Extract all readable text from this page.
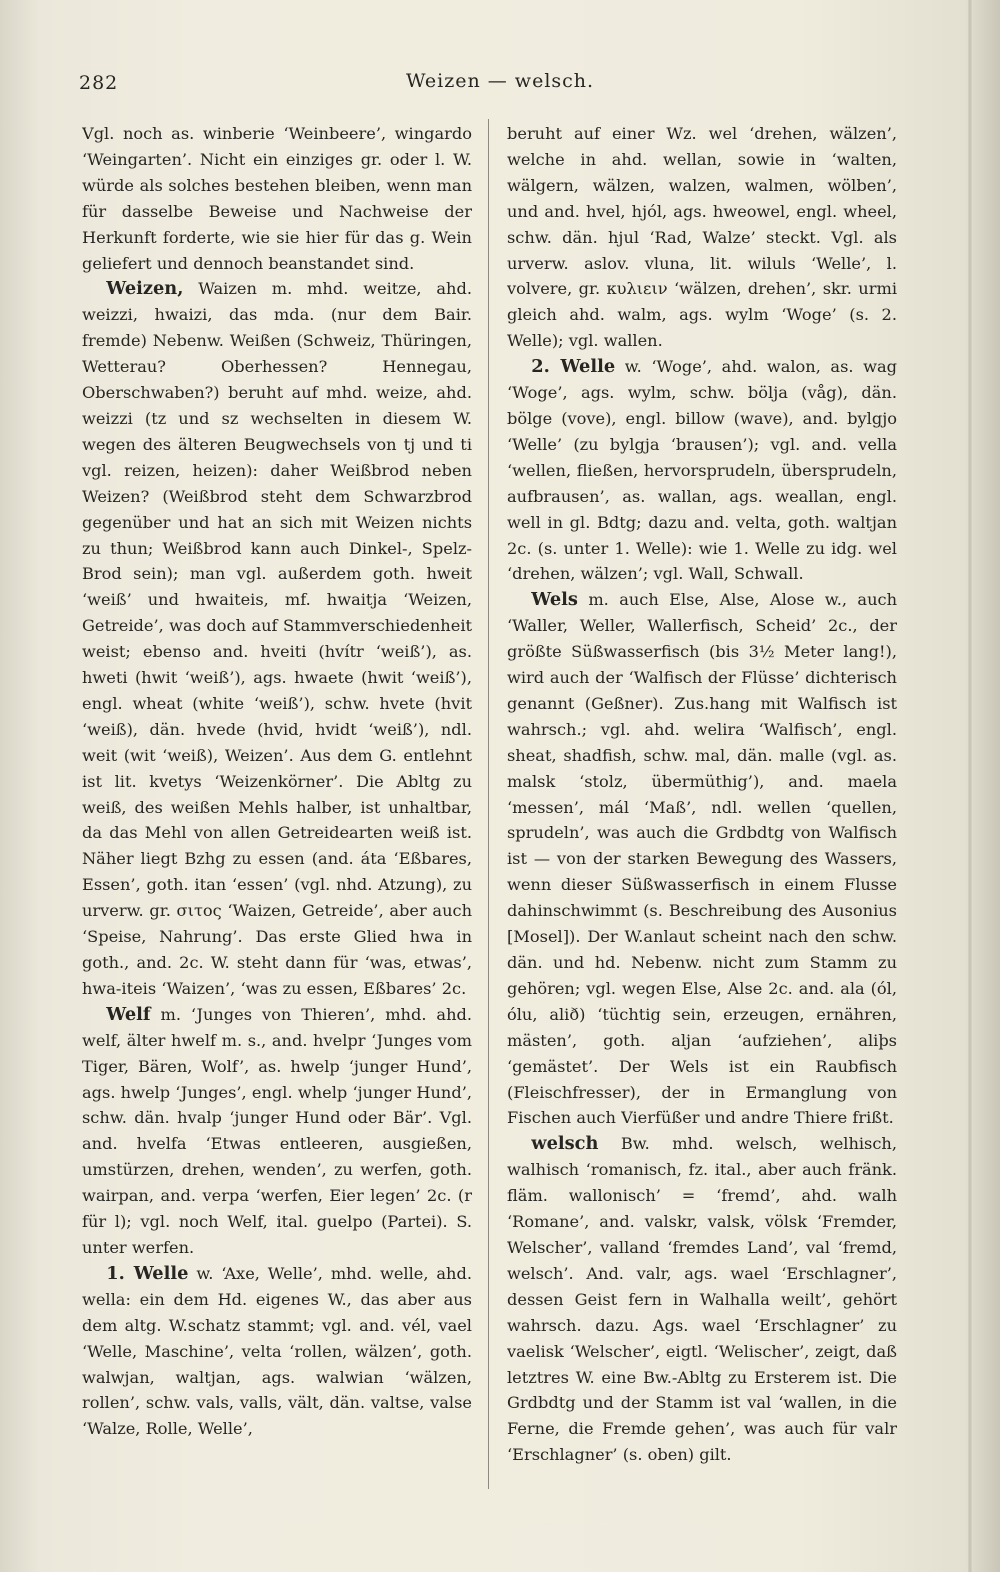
282	Weizen — welsch.

Vgl. noch as. winberie ‘Weinbeere’, wingardo ‘Weingarten’. Nicht ein einziges gr. oder l. W. würde als solches bestehen bleiben, wenn man für dasselbe Beweise und Nachweise der Herkunft forderte, wie sie hier für das g. Wein geliefert und dennoch beanstandet sind.

Weizen, Waizen m. mhd. weitze, ahd. weizzi, hwaizi, das mda. (nur dem Bair. fremde) Nebenw. Weißen (Schweiz, Thüringen, Wetterau? Oberhessen? Hennegau, Oberschwaben?) beruht auf mhd. weize, ahd. weizzi (tz und sz wechselten in diesem W. wegen des älteren Beugwechsels von tj und ti vgl. reizen, heizen): daher Weißbrod neben Weizen? (Weißbrod steht dem Schwarzbrod gegenüber und hat an sich mit Weizen nichts zu thun; Weißbrod kann auch Dinkel-, Spelz-Brod sein); man vgl. außerdem goth. hweit ‘weiß’ und hwaiteis, mf. hwaitja ‘Weizen, Getreide’, was doch auf Stammverschiedenheit weist; ebenso and. hveiti (hvítr ‘weiß’), as. hweti (hwit ‘weiß’), ags. hwaete (hwit ‘weiß’), engl. wheat (white ‘weiß’), schw. hvete (hvit ‘weiß), dän. hvede (hvid, hvidt ‘weiß’), ndl. weit (wit ‘weiß), Weizen’. Aus dem G. entlehnt ist lit. kvetys ‘Weizenkörner’. Die Abltg zu weiß, des weißen Mehls halber, ist unhaltbar, da das Mehl von allen Getreidearten weiß ist. Näher liegt Bzhg zu essen (and. áta ‘Eßbares, Essen’, goth. itan ‘essen’ (vgl. nhd. Atzung), zu urverw. gr. σιτος ‘Waizen, Getreide’, aber auch ‘Speise, Nahrung’. Das erste Glied hwa in goth., and. 2c. W. steht dann für ‘was, etwas’, hwa-iteis ‘Waizen’, ‘was zu essen, Eßbares’ 2c.

Welf m. ‘Junges von Thieren’, mhd. ahd. welf, älter hwelf m. s., and. hvelpr ‘Junges vom Tiger, Bären, Wolf’, as. hwelp ‘junger Hund’, ags. hwelp ‘Junges’, engl. whelp ‘junger Hund’, schw. dän. hvalp ‘junger Hund oder Bär’. Vgl. and. hvelfa ‘Etwas entleeren, ausgießen, umstürzen, drehen, wenden’, zu werfen, goth. wairpan, and. verpa ‘werfen, Eier legen’ 2c. (r für l); vgl. noch Welf, ital. guelpo (Partei). S. unter werfen.

1. Welle w. ‘Axe, Welle’, mhd. welle, ahd. wella: ein dem Hd. eigenes W., das aber aus dem altg. W.schatz stammt; vgl. and. vél, vael ‘Welle, Maschine’, velta ‘rollen, wälzen’, goth. walwjan, waltjan, ags. walwian ‘wälzen, rollen’, schw. vals, valls, vält, dän. valtse, valse ‘Walze, Rolle, Welle’,

beruht auf einer Wz. wel ‘drehen, wälzen’, welche in ahd. wellan, sowie in ‘walten, wälgern, wälzen, walzen, walmen, wölben’, und and. hvel, hjól, ags. hweowel, engl. wheel, schw. dän. hjul ‘Rad, Walze’ steckt. Vgl. als urverw. aslov. vluna, lit. wiluls ‘Welle’, l. volvere, gr. κυλιειν ‘wälzen, drehen’, skr. urmi gleich ahd. walm, ags. wylm ‘Woge’ (s. 2. Welle); vgl. wallen.

2. Welle w. ‘Woge’, ahd. walon, as. wag ‘Woge’, ags. wylm, schw. bölja (våg), dän. bölge (vove), engl. billow (wave), and. bylgjo ‘Welle’ (zu bylgja ‘brausen’); vgl. and. vella ‘wellen, fließen, hervorsprudeln, übersprudeln, aufbrausen’, as. wallan, ags. weallan, engl. well in gl. Bdtg; dazu and. velta, goth. waltjan 2c. (s. unter 1. Welle): wie 1. Welle zu idg. wel ‘drehen, wälzen’; vgl. Wall, Schwall.

Wels m. auch Else, Alse, Alose w., auch ‘Waller, Weller, Wallerfisch, Scheid’ 2c., der größte Süßwasserfisch (bis 3½ Meter lang!), wird auch der ‘Walfisch der Flüsse’ dichterisch genannt (Geßner). Zus.hang mit Walfisch ist wahrsch.; vgl. ahd. welira ‘Walfisch’, engl. sheat, shadfish, schw. mal, dän. malle (vgl. as. malsk ‘stolz, übermüthig’), and. maela ‘messen’, mál ‘Maß’, ndl. wellen ‘quellen, sprudeln’, was auch die Grdbdtg von Walfisch ist — von der starken Bewegung des Wassers, wenn dieser Süßwasserfisch in einem Flusse dahinschwimmt (s. Beschreibung des Ausonius [Mosel]). Der W.anlaut scheint nach den schw. dän. und hd. Nebenw. nicht zum Stamm zu gehören; vgl. wegen Else, Alse 2c. and. ala (ól, ólu, alið) ‘tüchtig sein, erzeugen, ernähren, mästen’, goth. aljan ‘aufziehen’, aliþs ‘gemästet’. Der Wels ist ein Raubfisch (Fleischfresser), der in Ermanglung von Fischen auch Vierfüßer und andre Thiere frißt.

welsch Bw. mhd. welsch, welhisch, walhisch ‘romanisch, fz. ital., aber auch fränk. fläm. wallonisch’ = ‘fremd’, ahd. walh ‘Romane’, and. valskr, valsk, völsk ‘Fremder, Welscher’, valland ‘fremdes Land’, val ‘fremd, welsch’. And. valr, ags. wael ‘Erschlagner’, dessen Geist fern in Walhalla weilt’, gehört wahrsch. dazu. Ags. wael ‘Erschlagner’ zu vaelisk ‘Welscher’, eigtl. ‘Welischer’, zeigt, daß letztres W. eine Bw.-Abltg zu Ersterem ist. Die Grdbdtg und der Stamm ist val ‘wallen, in die Ferne, die Fremde gehen’, was auch für valr ‘Erschlagner’ (s. oben) gilt.
